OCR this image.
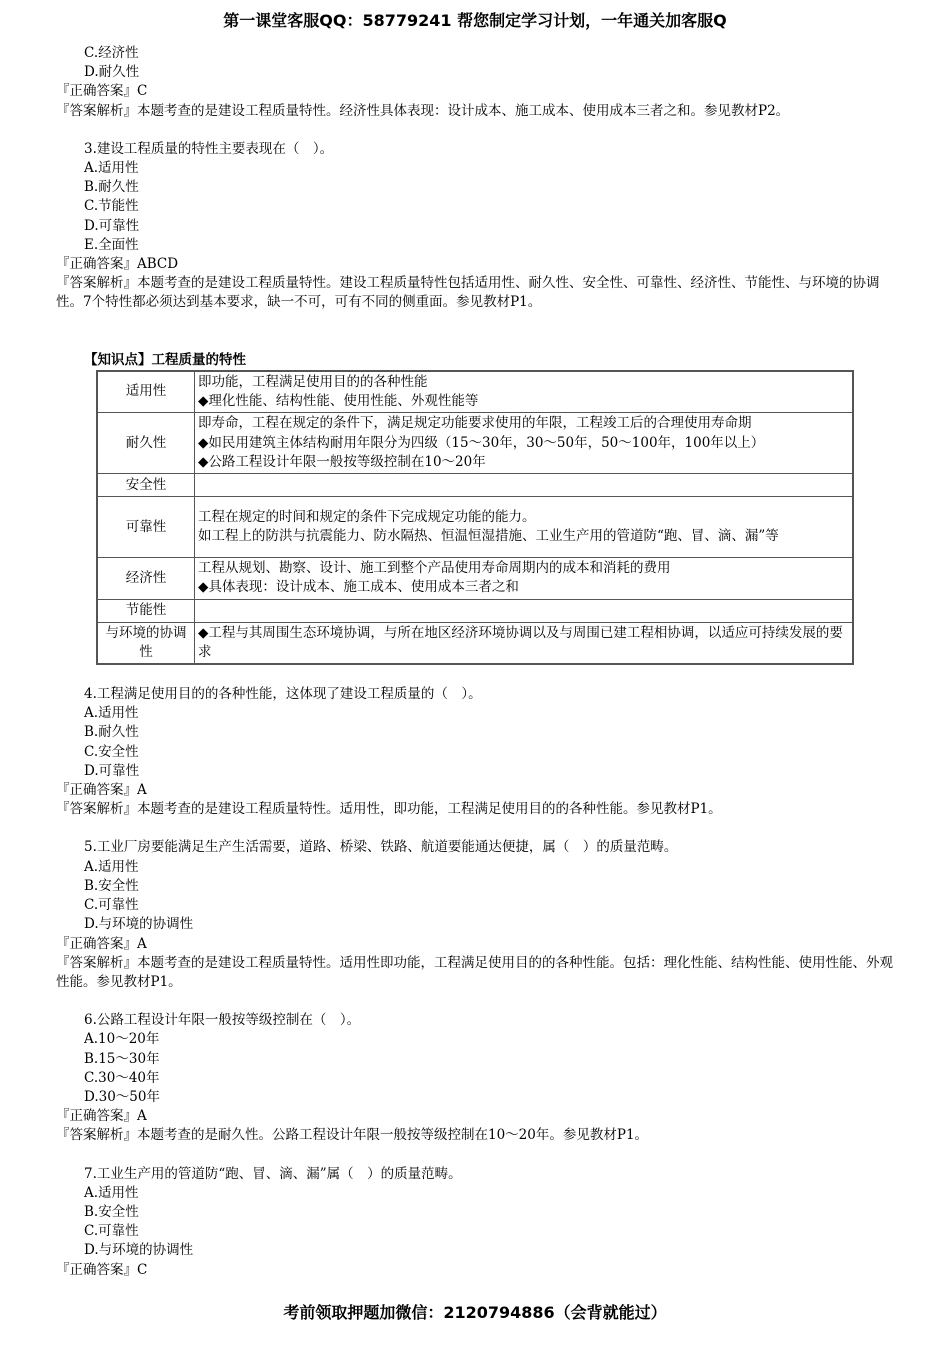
第一课堂客服QQ：58779241 帮您制定学习计划，一年通关加客服Q
C.经济性
D.耐久性
『正确答案』C
『答案解析』本题考查的是建设工程质量特性。经济性具体表现：设计成本、施工成本、使用成本三者之和。参见教材P2。
3.建设工程质量的特性主要表现在（　）。
A.适用性
B.耐久性
C.节能性
D.可靠性
E.全面性
『正确答案』ABCD
『答案解析』本题考查的是建设工程质量特性。建设工程质量特性包括适用性、耐久性、安全性、可靠性、经济性、节能性、与环境的协调性。7个特性都必须达到基本要求，缺一不可，可有不同的侧重面。参见教材P1。
【知识点】工程质量的特性
适用性	即功能，工程满足使用目的的各种性能
◆理化性能、结构性能、使用性能、外观性能等

耐久性	即寿命，工程在规定的条件下，满足规定功能要求使用的年限，工程竣工后的合理使用寿命期
◆如民用建筑主体结构耐用年限分为四级（15～30年，30～50年，50～100年，100年以上）
◆公路工程设计年限一般按等级控制在10～20年

安全性	
可靠性	工程在规定的时间和规定的条件下完成规定功能的能力。
如工程上的防洪与抗震能力、防水隔热、恒温恒湿措施、工业生产用的管道防“跑、冒、滴、漏”等

经济性	工程从规划、勘察、设计、施工到整个产品使用寿命周期内的成本和消耗的费用
◆具体表现：设计成本、施工成本、使用成本三者之和

节能性	
与环境的协调性	◆工程与其周围生态环境协调，与所在地区经济环境协调以及与周围已建工程相协调，以适应可持续发展的要求
4.工程满足使用目的的各种性能，这体现了建设工程质量的（　）。
A.适用性
B.耐久性
C.安全性
D.可靠性
『正确答案』A
『答案解析』本题考查的是建设工程质量特性。适用性，即功能，工程满足使用目的的各种性能。参见教材P1。
5.工业厂房要能满足生产生活需要，道路、桥梁、铁路、航道要能通达便捷，属（　）的质量范畴。
A.适用性
B.安全性
C.可靠性
D.与环境的协调性
『正确答案』A
『答案解析』本题考查的是建设工程质量特性。适用性即功能，工程满足使用目的的各种性能。包括：理化性能、结构性能、使用性能、外观性能。参见教材P1。
6.公路工程设计年限一般按等级控制在（　）。
A.10～20年
B.15～30年
C.30～40年
D.30～50年
『正确答案』A
『答案解析』本题考查的是耐久性。公路工程设计年限一般按等级控制在10～20年。参见教材P1。
7.工业生产用的管道防“跑、冒、滴、漏”属（　）的质量范畴。
A.适用性
B.安全性
C.可靠性
D.与环境的协调性
『正确答案』C
考前领取押题加微信：2120794886（会背就能过）
